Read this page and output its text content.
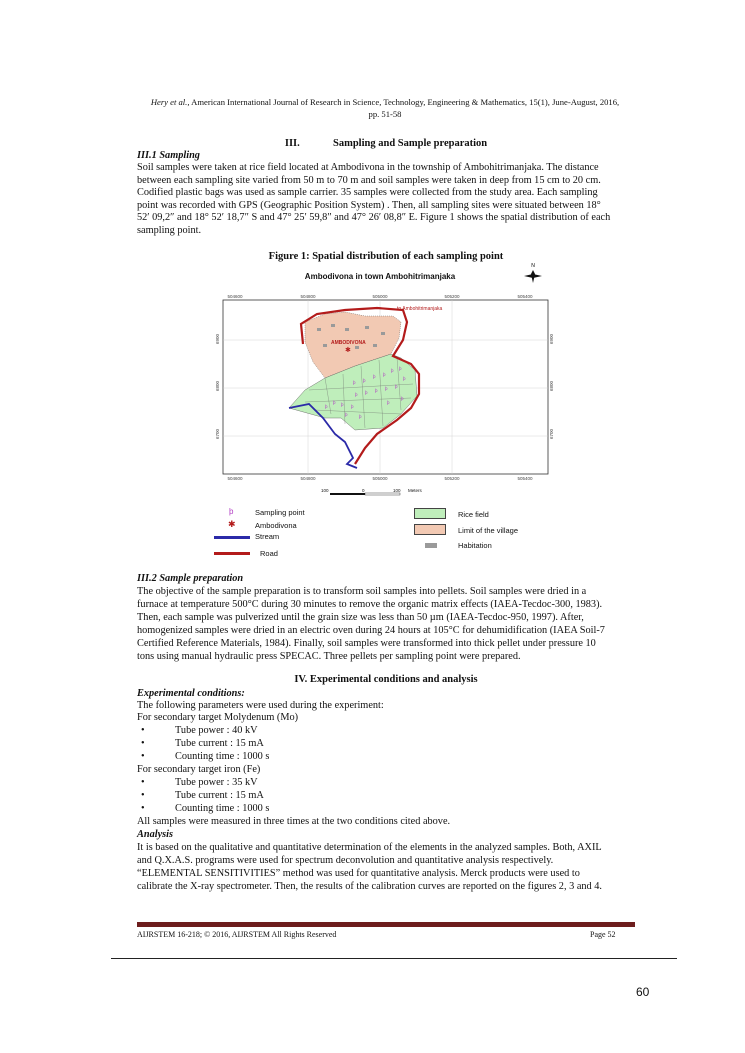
Hery et al., American International Journal of Research in Science, Technology, Engineering & Mathematics, 15(1), June-August, 2016,
pp. 51-58
III.	Sampling and Sample preparation
III.1 Sampling
Soil samples were taken at rice field located at Ambodivona in the township of Ambohitrimanjaka. The distance
between each sampling site varied from 50 m to 70 m and soil samples were taken in deep from 15 cm to 20 cm.
Codified plastic bags was used as sample carrier. 35 samples were collected from the study area. Each sampling
point was recorded with GPS (Geographic Position System) . Then, all sampling sites were situated between 18°
52′ 09,2″ and 18° 52′ 18,7″ S and 47° 25′ 59,8″ and 47° 26′ 08,8″ E. Figure 1 shows the spatial distribution of each
sampling point.
Figure 1: Spatial distribution of each sampling point
Ambodivona in town Ambohitrimanjaka
N
504600	504800	505000	505200	505400
504600	504800	505000	505200	505400
6900
6800
6700
6900
6800
6700
þ þ
þ þ
þ þ
þ
þ þ þ þ þ
þ
þ	þ þ
þ	þ
þ
þ
to Ambohitrimanjaka
AMBODIVONA
✱
100	0	100 Meters
þ	Sampling point
✱	Ambodivona
Stream
Road
Rice field
Limit of the village
Habitation
III.2 Sample preparation
The objective of the sample preparation is to transform soil samples into pellets. Soil samples were dried in a
furnace at temperature 500°C during 30 minutes to remove the organic matrix effects (IAEA-Tecdoc-300, 1983).
Then, each sample was pulverized until the grain size was less than 50 µm (IAEA-Tecdoc-950, 1997). After,
homogenized samples were dried in an electric oven during 24 hours at 105°C for dehumidification (IAEA Soil-7
Certified Reference Materials, 1984). Finally, soil samples were transformed into thick pellet under pressure 10
tons using manual hydraulic press SPECAC. Three pellets per sampling point were prepared.
IV. Experimental conditions and analysis
Experimental conditions:
The following parameters were used during the experiment:
For secondary target Molydenum (Mo)
•	Tube power : 40 kV
•	Tube current : 15 mA
•	Counting time : 1000 s
For secondary target iron (Fe)
•	Tube power : 35 kV
•	Tube current : 15 mA
•	Counting time : 1000 s
All samples were measured in three times at the two conditions cited above.
Analysis
It is based on the qualitative and quantitative determination of the elements in the analyzed samples. Both, AXIL
and Q.X.A.S. programs were used for spectrum deconvolution and quantitative analysis respectively.
“ELEMENTAL SENSITIVITIES” method was used for quantitative analysis. Merck products were used to
calibrate the X-ray spectrometer. Then, the results of the calibration curves are reported on the figures 2, 3 and 4.
AIJRSTEM 16-218; © 2016, AIJRSTEM All Rights Reserved	Page 52
60
